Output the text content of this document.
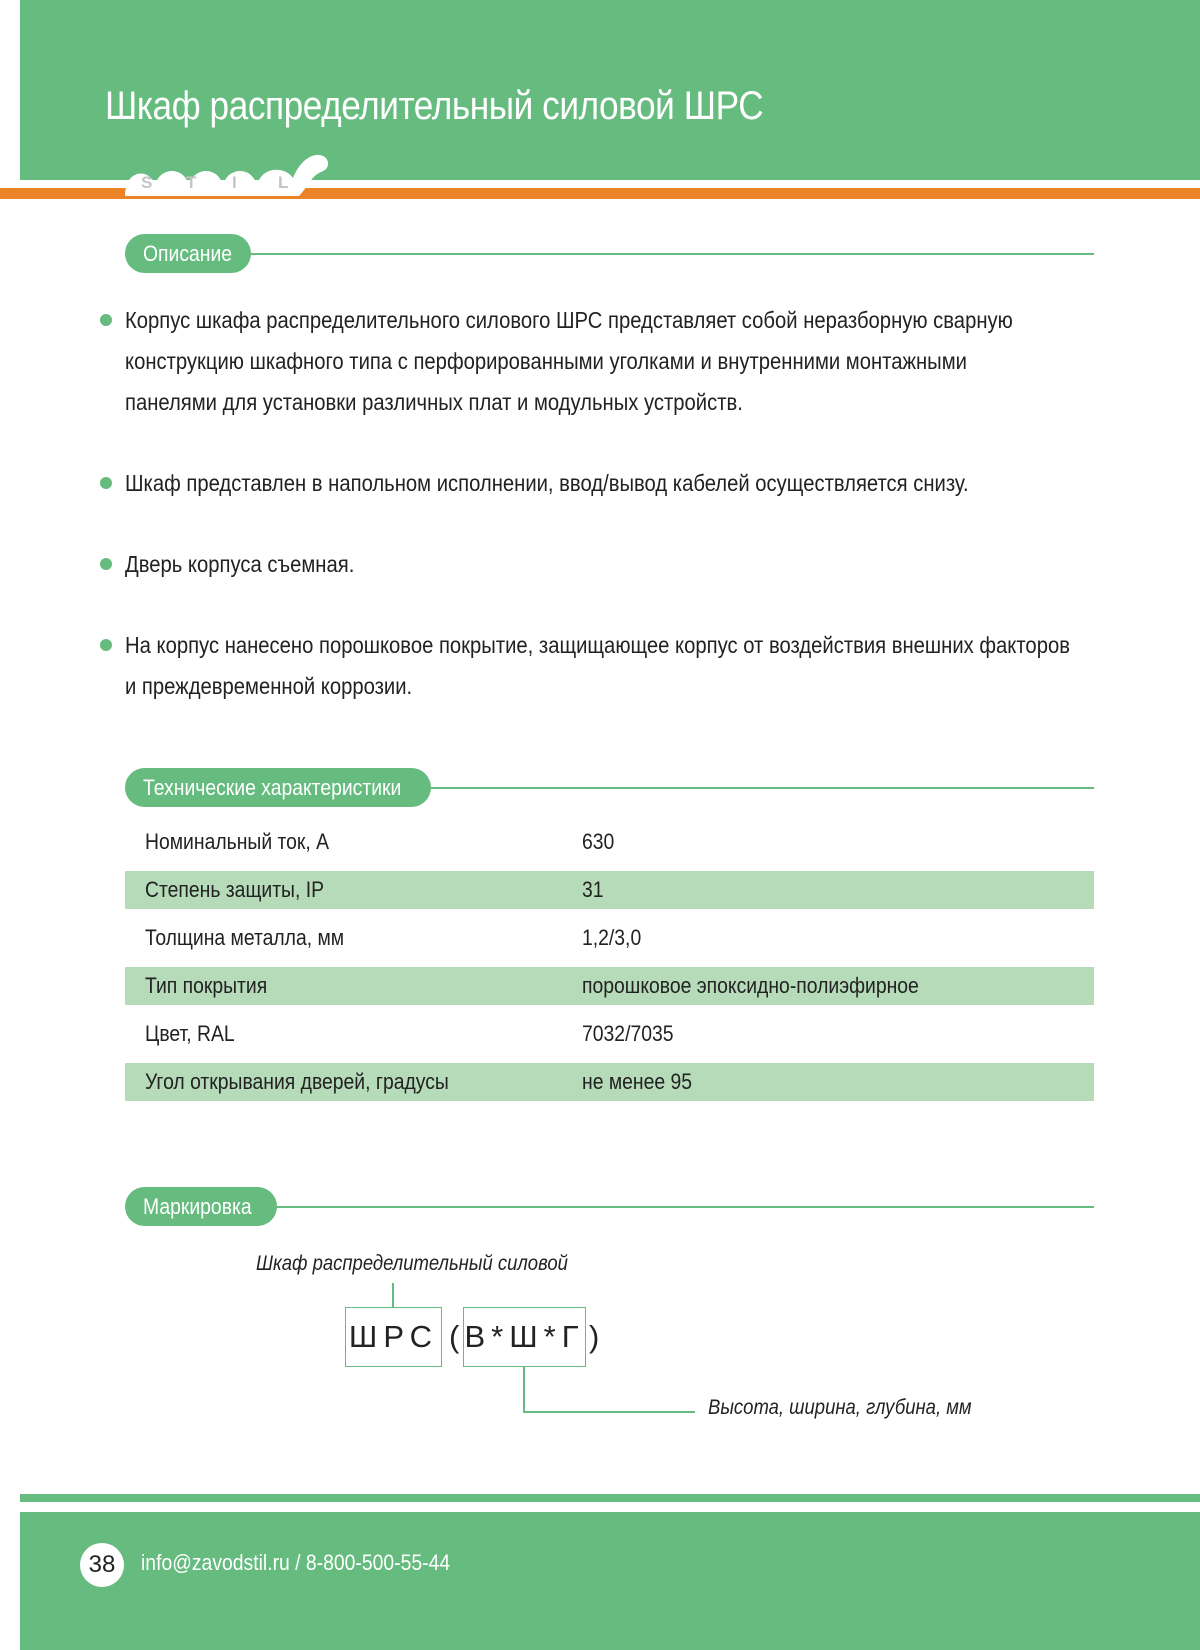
Шкаф распределительный силовой ШРС
S T I L
Описание
Корпус шкафа распределительного силового ШРС представляет собой неразборную сварную
конструкцию шкафного типа с перфорированными уголками и внутренними монтажными
панелями для установки различных плат и модульных устройств.
Шкаф представлен в напольном исполнении, ввод/вывод кабелей осуществляется снизу.
Дверь корпуса съемная.
На корпус нанесено порошковое покрытие, защищающее корпус от воздействия внешних факторов
и преждевременной коррозии.
Технические характеристики
Номинальный ток, А	630
Степень защиты, IP	31
Толщина металла, мм	1,2/3,0
Тип покрытия	порошковое эпоксидно-полиэфирное
Цвет, RAL	7032/7035
Угол открывания дверей, градусы	не менее 95
Маркировка
Шкаф распределительный силовой
ШРС ( В*Ш*Г )
Высота, ширина, глубина, мм
38	info@zavodstil.ru / 8-800-500-55-44
